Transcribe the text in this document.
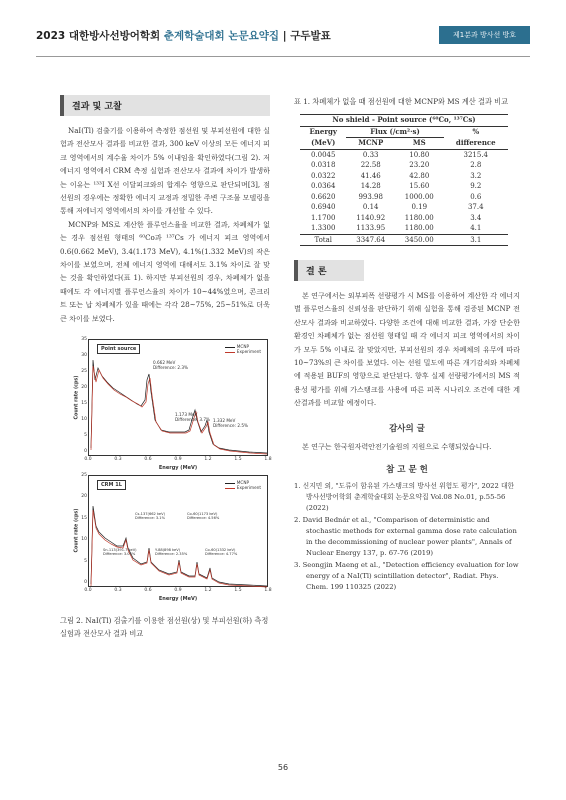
2023 대한방사선방어학회 춘계학술대회 논문요약집 | 구두발표	제1분과 방사선 방호
결과 및 고찰

NaI(Tl) 검출기를 이용하여 측정한 점선원 및 부피선원에 대한 실험과 전산모사 결과를 비교한 결과, 300 keV 이상의 모든 에너지 피크 영역에서의 계수율 차이가 5% 이내임을 확인하였다(그림 2). 저에너지 영역에서 CRM 측정 실험과 전산모사 결과에 차이가 발생하는 이유는 ¹³³I X선 이달피크와의 합계수 영향으로 판단되며[3], 점선원의 경우에는 정확한 에너지 교정과 정밀한 주변 구조물 모델링을 통해 저에너지 영역에서의 차이를 개선할 수 있다.

MCNP와 MS로 계산한 플루언스율을 비교한 결과, 차폐체가 없는 경우 점선원 형태의 ⁶⁰Co과 ¹³⁷Cs 가 에너지 피크 영역에서 0.6(0.662 MeV), 3.4(1.173 MeV), 4.1%(1.332 MeV)의 작은 차이를 보였으며, 전체 에너지 영역에 대해서도 3.1% 차이로 잘 맞는 것을 확인하였다(표 1). 하지만 부피선원의 경우, 차폐체가 없을 때에도 각 에너지별 플루언스율의 차이가 10~44%였으며, 콘크리트 또는 납 차폐체가 있을 때에는 각각 28~75%, 25~51%로 더욱 큰 차이를 보였다.

Point source	MCNP
Experiment
0.662 MeV
Difference: 2.3%
1.173 MeV
Difference: 3.7% 1.332 MeV
Difference: 2.5%
35
30
25
20
15
10
5
0
Count rate (cps)
0.0	0.3	0.6	0.9	1.2	1.5	1.8
Energy (MeV)
CRM 1L	MCNP
Experiment
Cs-137(662 keV)
Difference: 3.1%
Co-60(1173 keV)
Difference: 4.56%
Sn-113(391.7 keV)
Difference: 3.05%
Y-88(898 keV)
Difference: 2.35%
Co-60(1332 keV)
Difference: 4.77%
25
20
15
10
5
0
Count rate (cps)
0.0	0.3	0.6	0.9	1.2	1.5	1.8
Energy (MeV)

그림 2. NaI(Tl) 검출기를 이용한 점선원(상) 및 부피선원(하) 측정 실험과 전산모사 결과 비교

표 1. 차폐체가 없을 때 점선원에 대한 MCNP와 MS 계산 결과 비교

No shield - Point source (⁶⁰Co, ¹³⁷Cs)			
Energy	Flux (/cm²·s)		%
(MeV)	MCNP	MS	difference
0.0045	0.33	10.80	3215.4
0.0318	22.58	23.20	2.8
0.0322	41.46	42.80	3.2
0.0364	14.28	15.60	9.2
0.6620	993.98	1000.00	0.6
0.6940	0.14	0.19	37.4
1.1700	1140.92	1180.00	3.4
1.3300	1133.95	1180.00	4.1
Total	3347.64	3450.00	3.1
결 론

본 연구에서는 외부피폭 선량평가 시 MS를 이용하여 계산한 각 에너지별 플루언스율의 신뢰성을 판단하기 위해 실험을 통해 검증된 MCNP 전산모사 결과와 비교하였다. 다양한 조건에 대해 비교한 결과, 가장 단순한 환경인 차폐체가 없는 점선원 형태일 때 각 에너지 피크 영역에서의 차이가 모두 5% 이내로 잘 맞았지만, 부피선원의 경우 차폐체의 유무에 따라 10~73%의 큰 차이를 보였다. 이는 선원 밀도에 따른 개기감쇠와 차폐체에 적용된 BUF의 영향으로 판단된다. 향후 실제 선량평가에서의 MS 적용성 평가를 위해 가스탱크를 사용에 따른 피폭 시나리오 조건에 대한 계산결과를 비교할 예정이다.

감사의 글

본 연구는 한국원자력안전기술원의 지원으로 수행되었습니다.

참 고 문 헌
1. 신지민 외, "도류이 함유된 가스탱크의 방사선 위험도 평가", 2022 대한방사선방어학회 춘계학술대회 논문요약집 Vol.08 No.01, p.55-56 (2022)
2. David Bednár et al., "Comparison of deterministic and stochastic methods for external gamma dose rate calculation in the decommissioning of nuclear power plants", Annals of Nuclear Energy 137, p. 67-76 (2019)
3. Seongjin Maeng et al., "Detection efficiency evaluation for low energy of a NaI(Tl) scintillation detector", Radiat. Phys. Chem. 199 110325 (2022)
56
